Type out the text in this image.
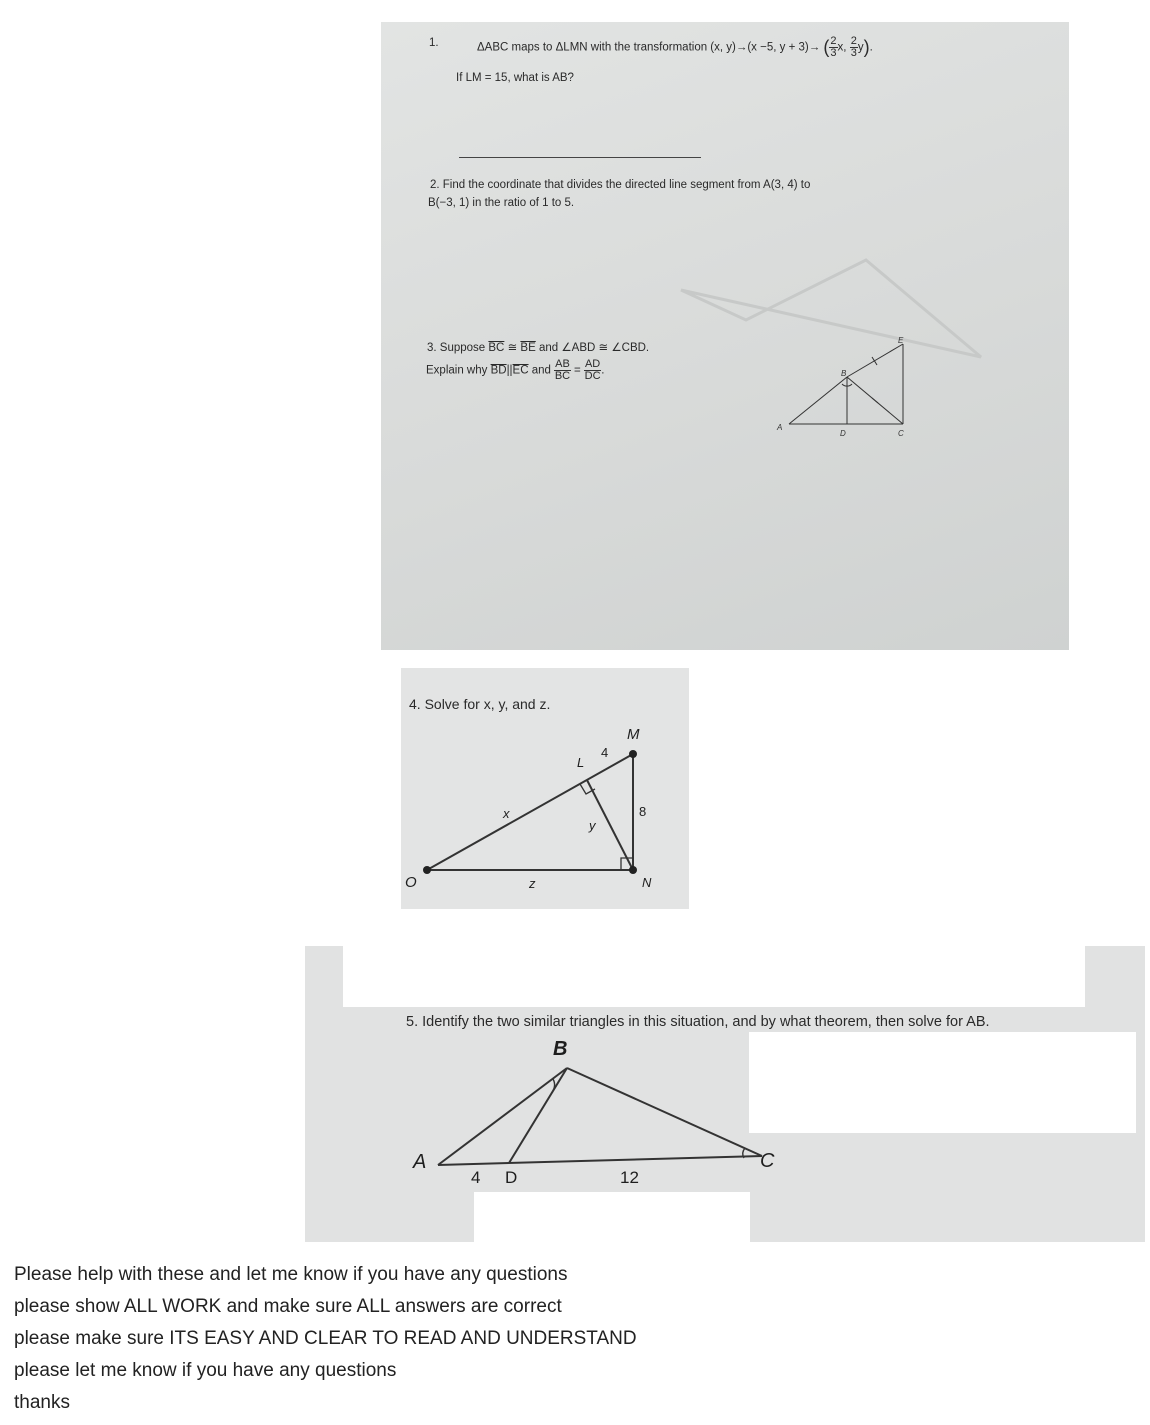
1.	ΔABC maps to ΔLMN with the transformation (x, y)→(x −5, y + 3)→ ( $\frac{2}{3} x$, $\frac{2}{3} y$).
If LM = 15, what is AB?
2. Find the coordinate that divides the directed line segment from A(3, 4) to
B(−3, 1) in the ratio of 1 to 5.
3. Suppose $\overline{BC}$ ≅ $\overline{BE}$ and ∠ABD ≅ ∠CBD.
Explain why $\overline{BD}||\overline{EC}$ and $\frac{AB}{BC} = \frac{AD}{DC}$ .
A
B
C
D
E
4. Solve for x, y, and z.
M
L
4
8
x
y
z	N
O
B
A	C
4 D	12
5. Identify the two similar triangles in this situation, and by what theorem, then solve for AB.
Please help with these and let me know if you have any questions
please show ALL WORK and make sure ALL answers are correct
please make sure ITS EASY AND CLEAR TO READ AND UNDERSTAND
please let me know if you have any questions
thanks
